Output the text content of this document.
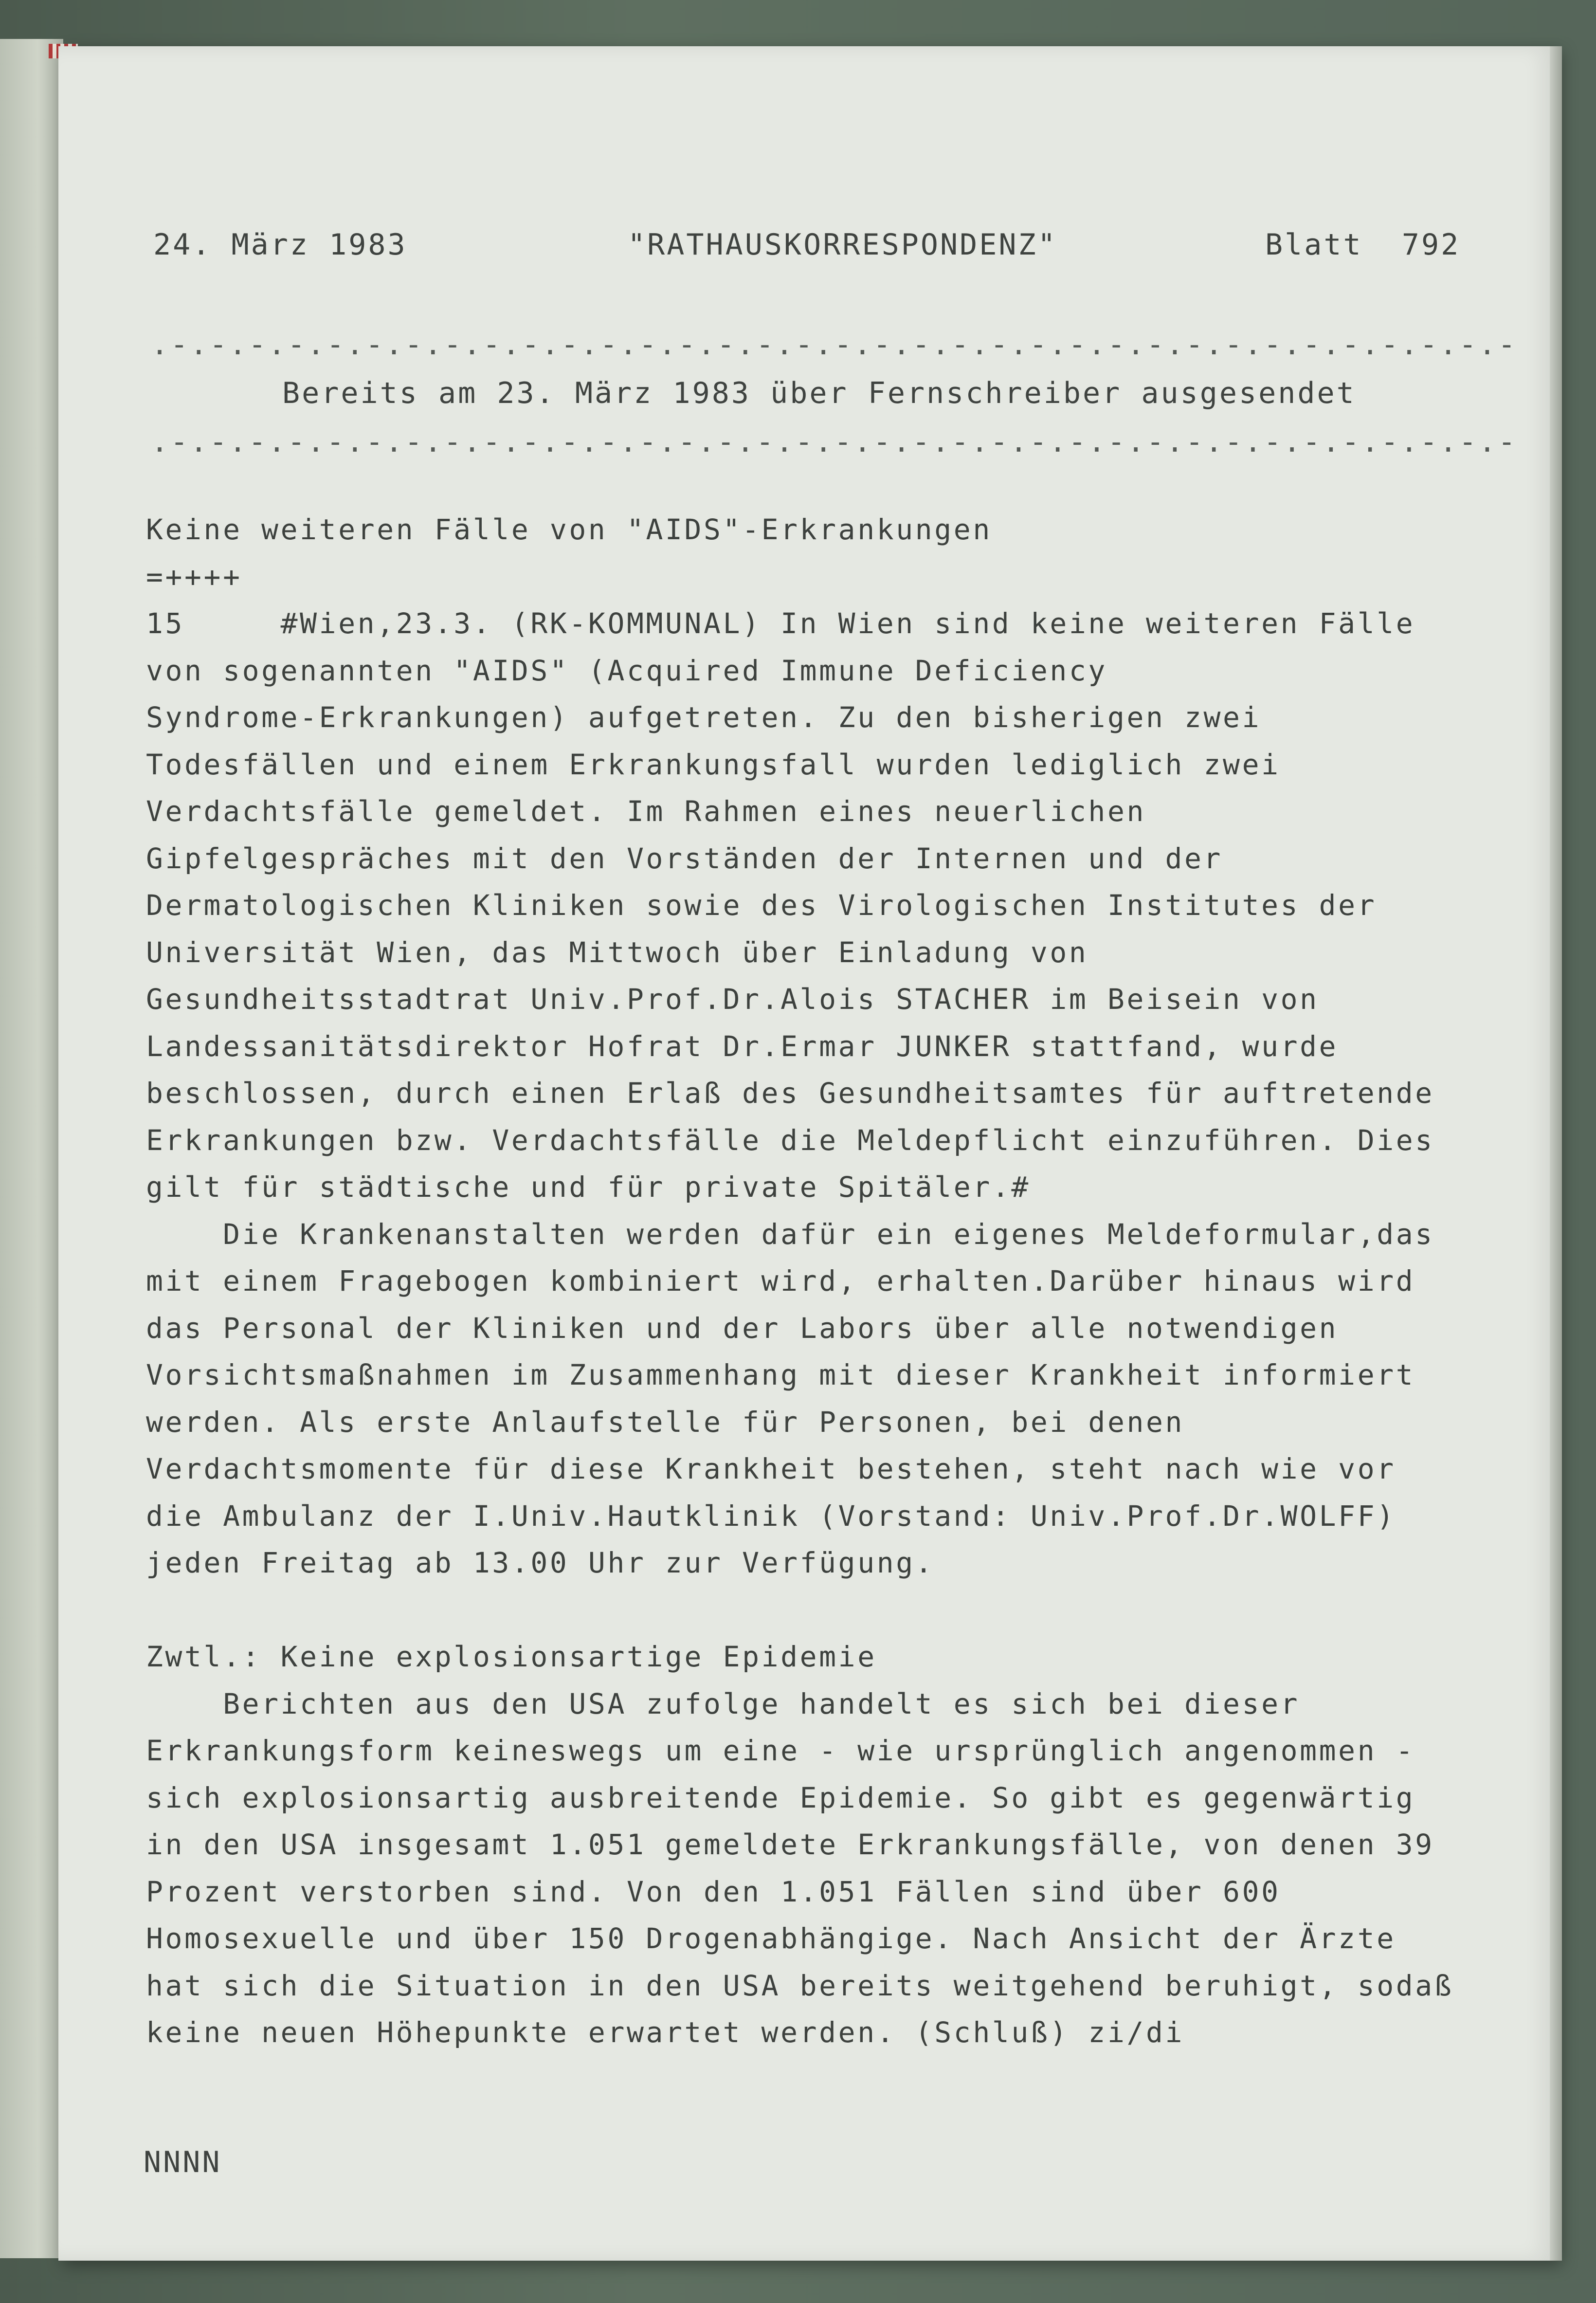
24. März 1983	"RATHAUSKORRESPONDENZ"	Blatt  792
.-.-.-.-.-.-.-.-.-.-.-.-.-.-.-.-.-.-.-.-.-.-.-.-.-.-.-.-.-.-.-.-.-.-.-
Bereits am 23. März 1983 über Fernschreiber ausgesendet
.-.-.-.-.-.-.-.-.-.-.-.-.-.-.-.-.-.-.-.-.-.-.-.-.-.-.-.-.-.-.-.-.-.-.-
Keine weiteren Fälle von "AIDS"-Erkrankungen
=++++
15     #Wien,23.3. (RK-KOMMUNAL) In Wien sind keine weiteren Fälle
von sogenannten "AIDS" (Acquired Immune Deficiency
Syndrome-Erkrankungen) aufgetreten. Zu den bisherigen zwei
Todesfällen und einem Erkrankungsfall wurden lediglich zwei
Verdachtsfälle gemeldet. Im Rahmen eines neuerlichen
Gipfelgespräches mit den Vorständen der Internen und der
Dermatologischen Kliniken sowie des Virologischen Institutes der
Universität Wien, das Mittwoch über Einladung von
Gesundheitsstadtrat Univ.Prof.Dr.Alois STACHER im Beisein von
Landessanitätsdirektor Hofrat Dr.Ermar JUNKER stattfand, wurde
beschlossen, durch einen Erlaß des Gesundheitsamtes für auftretende
Erkrankungen bzw. Verdachtsfälle die Meldepflicht einzuführen. Dies
gilt für städtische und für private Spitäler.#
Die Krankenanstalten werden dafür ein eigenes Meldeformular,das
mit einem Fragebogen kombiniert wird, erhalten.Darüber hinaus wird
das Personal der Kliniken und der Labors über alle notwendigen
Vorsichtsmaßnahmen im Zusammenhang mit dieser Krankheit informiert
werden. Als erste Anlaufstelle für Personen, bei denen
Verdachtsmomente für diese Krankheit bestehen, steht nach wie vor
die Ambulanz der I.Univ.Hautklinik (Vorstand: Univ.Prof.Dr.WOLFF)
jeden Freitag ab 13.00 Uhr zur Verfügung.
Zwtl.: Keine explosionsartige Epidemie
Berichten aus den USA zufolge handelt es sich bei dieser
Erkrankungsform keineswegs um eine - wie ursprünglich angenommen -
sich explosionsartig ausbreitende Epidemie. So gibt es gegenwärtig
in den USA insgesamt 1.051 gemeldete Erkrankungsfälle, von denen 39
Prozent verstorben sind. Von den 1.051 Fällen sind über 600
Homosexuelle und über 150 Drogenabhängige. Nach Ansicht der Ärzte
hat sich die Situation in den USA bereits weitgehend beruhigt, sodaß
keine neuen Höhepunkte erwartet werden. (Schluß) zi/di
NNNN
